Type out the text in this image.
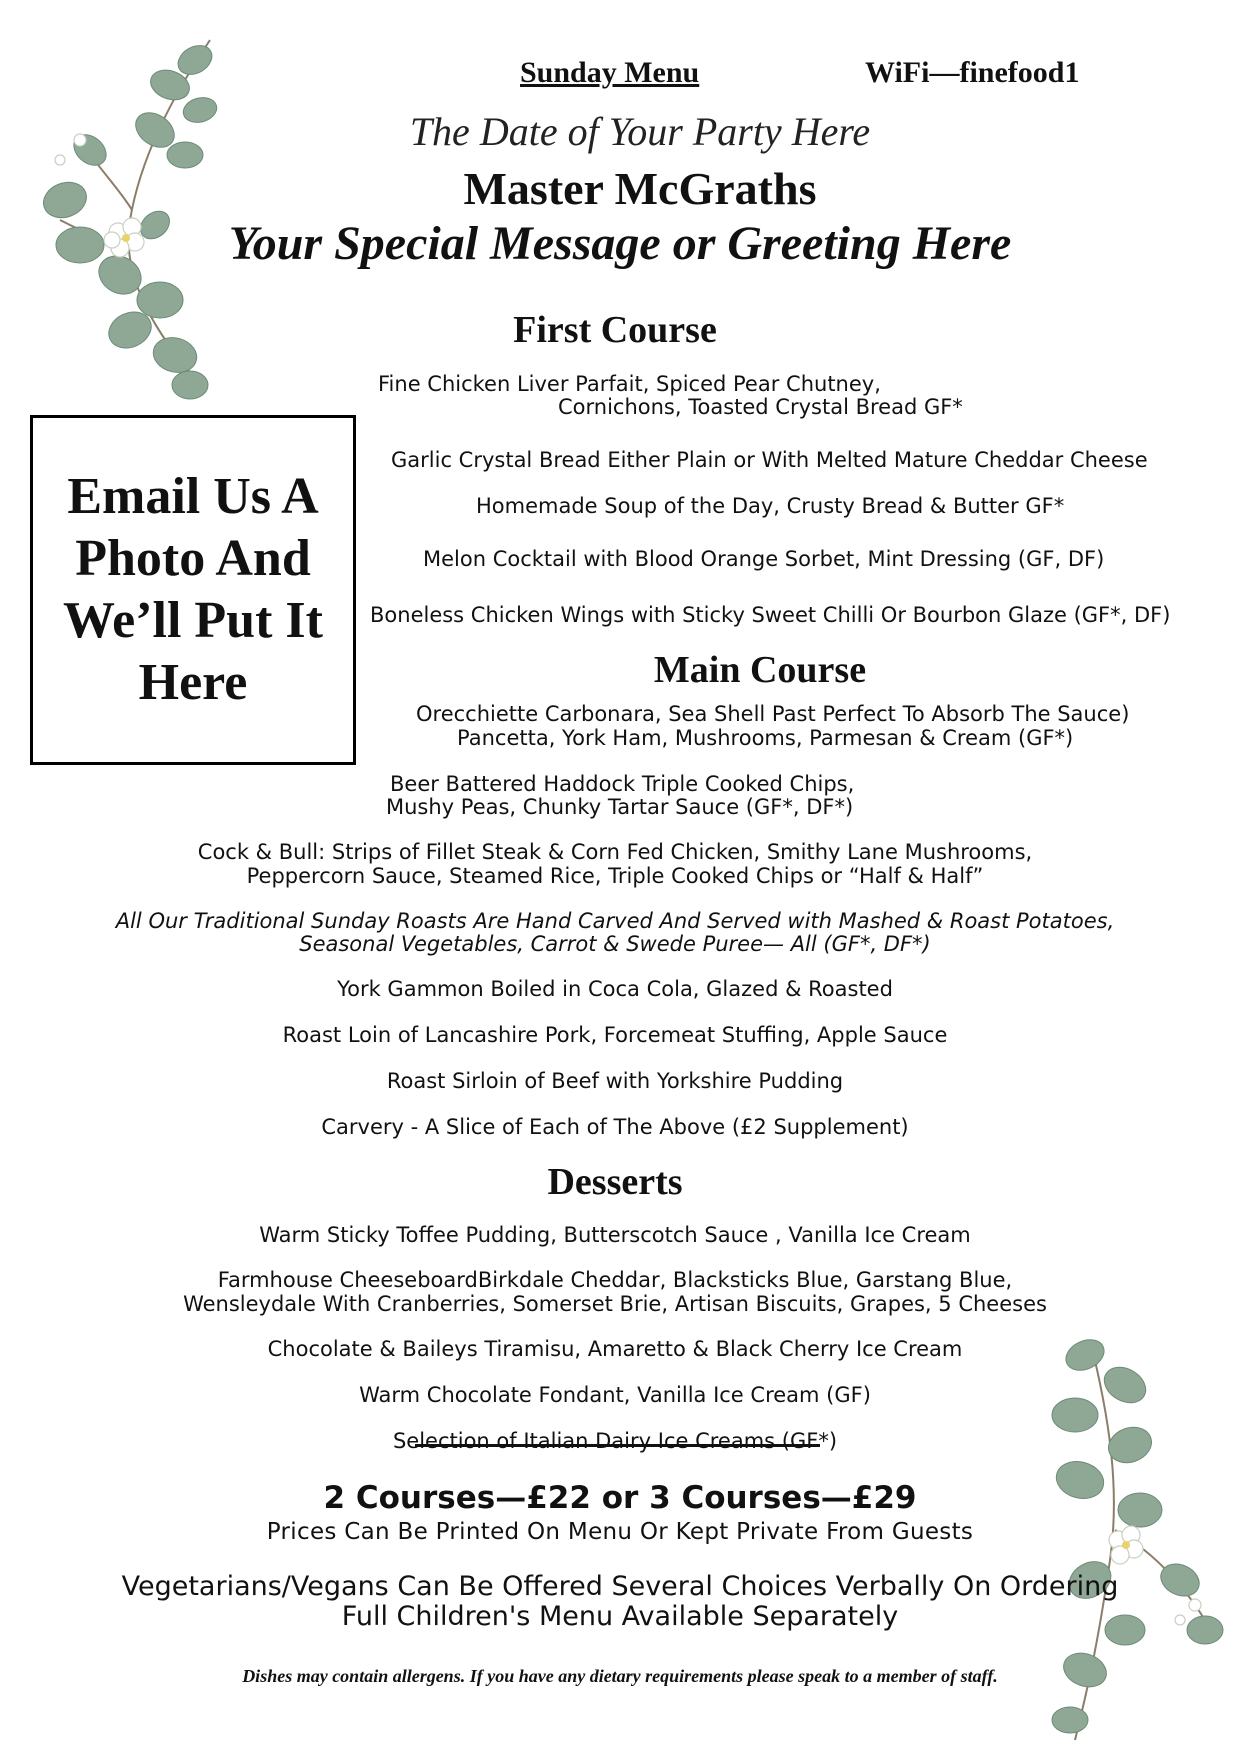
Sunday Menu	WiFi—finefood1
The Date of Your Party Here
Master McGraths
Your Special Message or Greeting Here
Email Us A Photo And We’ll Put It Here
First Course
Fine Chicken Liver Parfait, Spiced Pear Chutney,
Cornichons, Toasted Crystal Bread GF*
Garlic Crystal Bread Either Plain or With Melted Mature Cheddar Cheese
Homemade Soup of the Day, Crusty Bread & Butter GF*
Melon Cocktail with Blood Orange Sorbet, Mint Dressing (GF, DF)
Boneless Chicken Wings with Sticky Sweet Chilli Or Bourbon Glaze (GF*, DF)
Main Course
Orecchiette Carbonara, Sea Shell Past Perfect To Absorb The Sauce)
Pancetta, York Ham, Mushrooms, Parmesan & Cream (GF*)
Beer Battered Haddock Triple Cooked Chips,
Mushy Peas, Chunky Tartar Sauce (GF*, DF*)
Cock & Bull: Strips of Fillet Steak & Corn Fed Chicken, Smithy Lane Mushrooms,
Peppercorn Sauce, Steamed Rice, Triple Cooked Chips or “Half & Half”
All Our Traditional Sunday Roasts Are Hand Carved And Served with Mashed & Roast Potatoes,
Seasonal Vegetables, Carrot & Swede Puree— All (GF*, DF*)
York Gammon Boiled in Coca Cola, Glazed & Roasted
Roast Loin of Lancashire Pork, Forcemeat Stuffing, Apple Sauce
Roast Sirloin of Beef with Yorkshire Pudding
Carvery - A Slice of Each of The Above (£2 Supplement)
Desserts
Warm Sticky Toffee Pudding, Butterscotch Sauce , Vanilla Ice Cream
Farmhouse CheeseboardBirkdale Cheddar, Blacksticks Blue, Garstang Blue,
Wensleydale With Cranberries, Somerset Brie, Artisan Biscuits, Grapes, 5 Cheeses
Chocolate & Baileys Tiramisu, Amaretto & Black Cherry Ice Cream
Warm Chocolate Fondant, Vanilla Ice Cream (GF)
Selection of Italian Dairy Ice Creams (GF*)
2 Courses—£22 or 3 Courses—£29
Prices Can Be Printed On Menu Or Kept Private From Guests
Vegetarians/Vegans Can Be Offered Several Choices Verbally On Ordering
Full Children's Menu Available Separately
Dishes may contain allergens. If you have any dietary requirements please speak to a member of staff.
